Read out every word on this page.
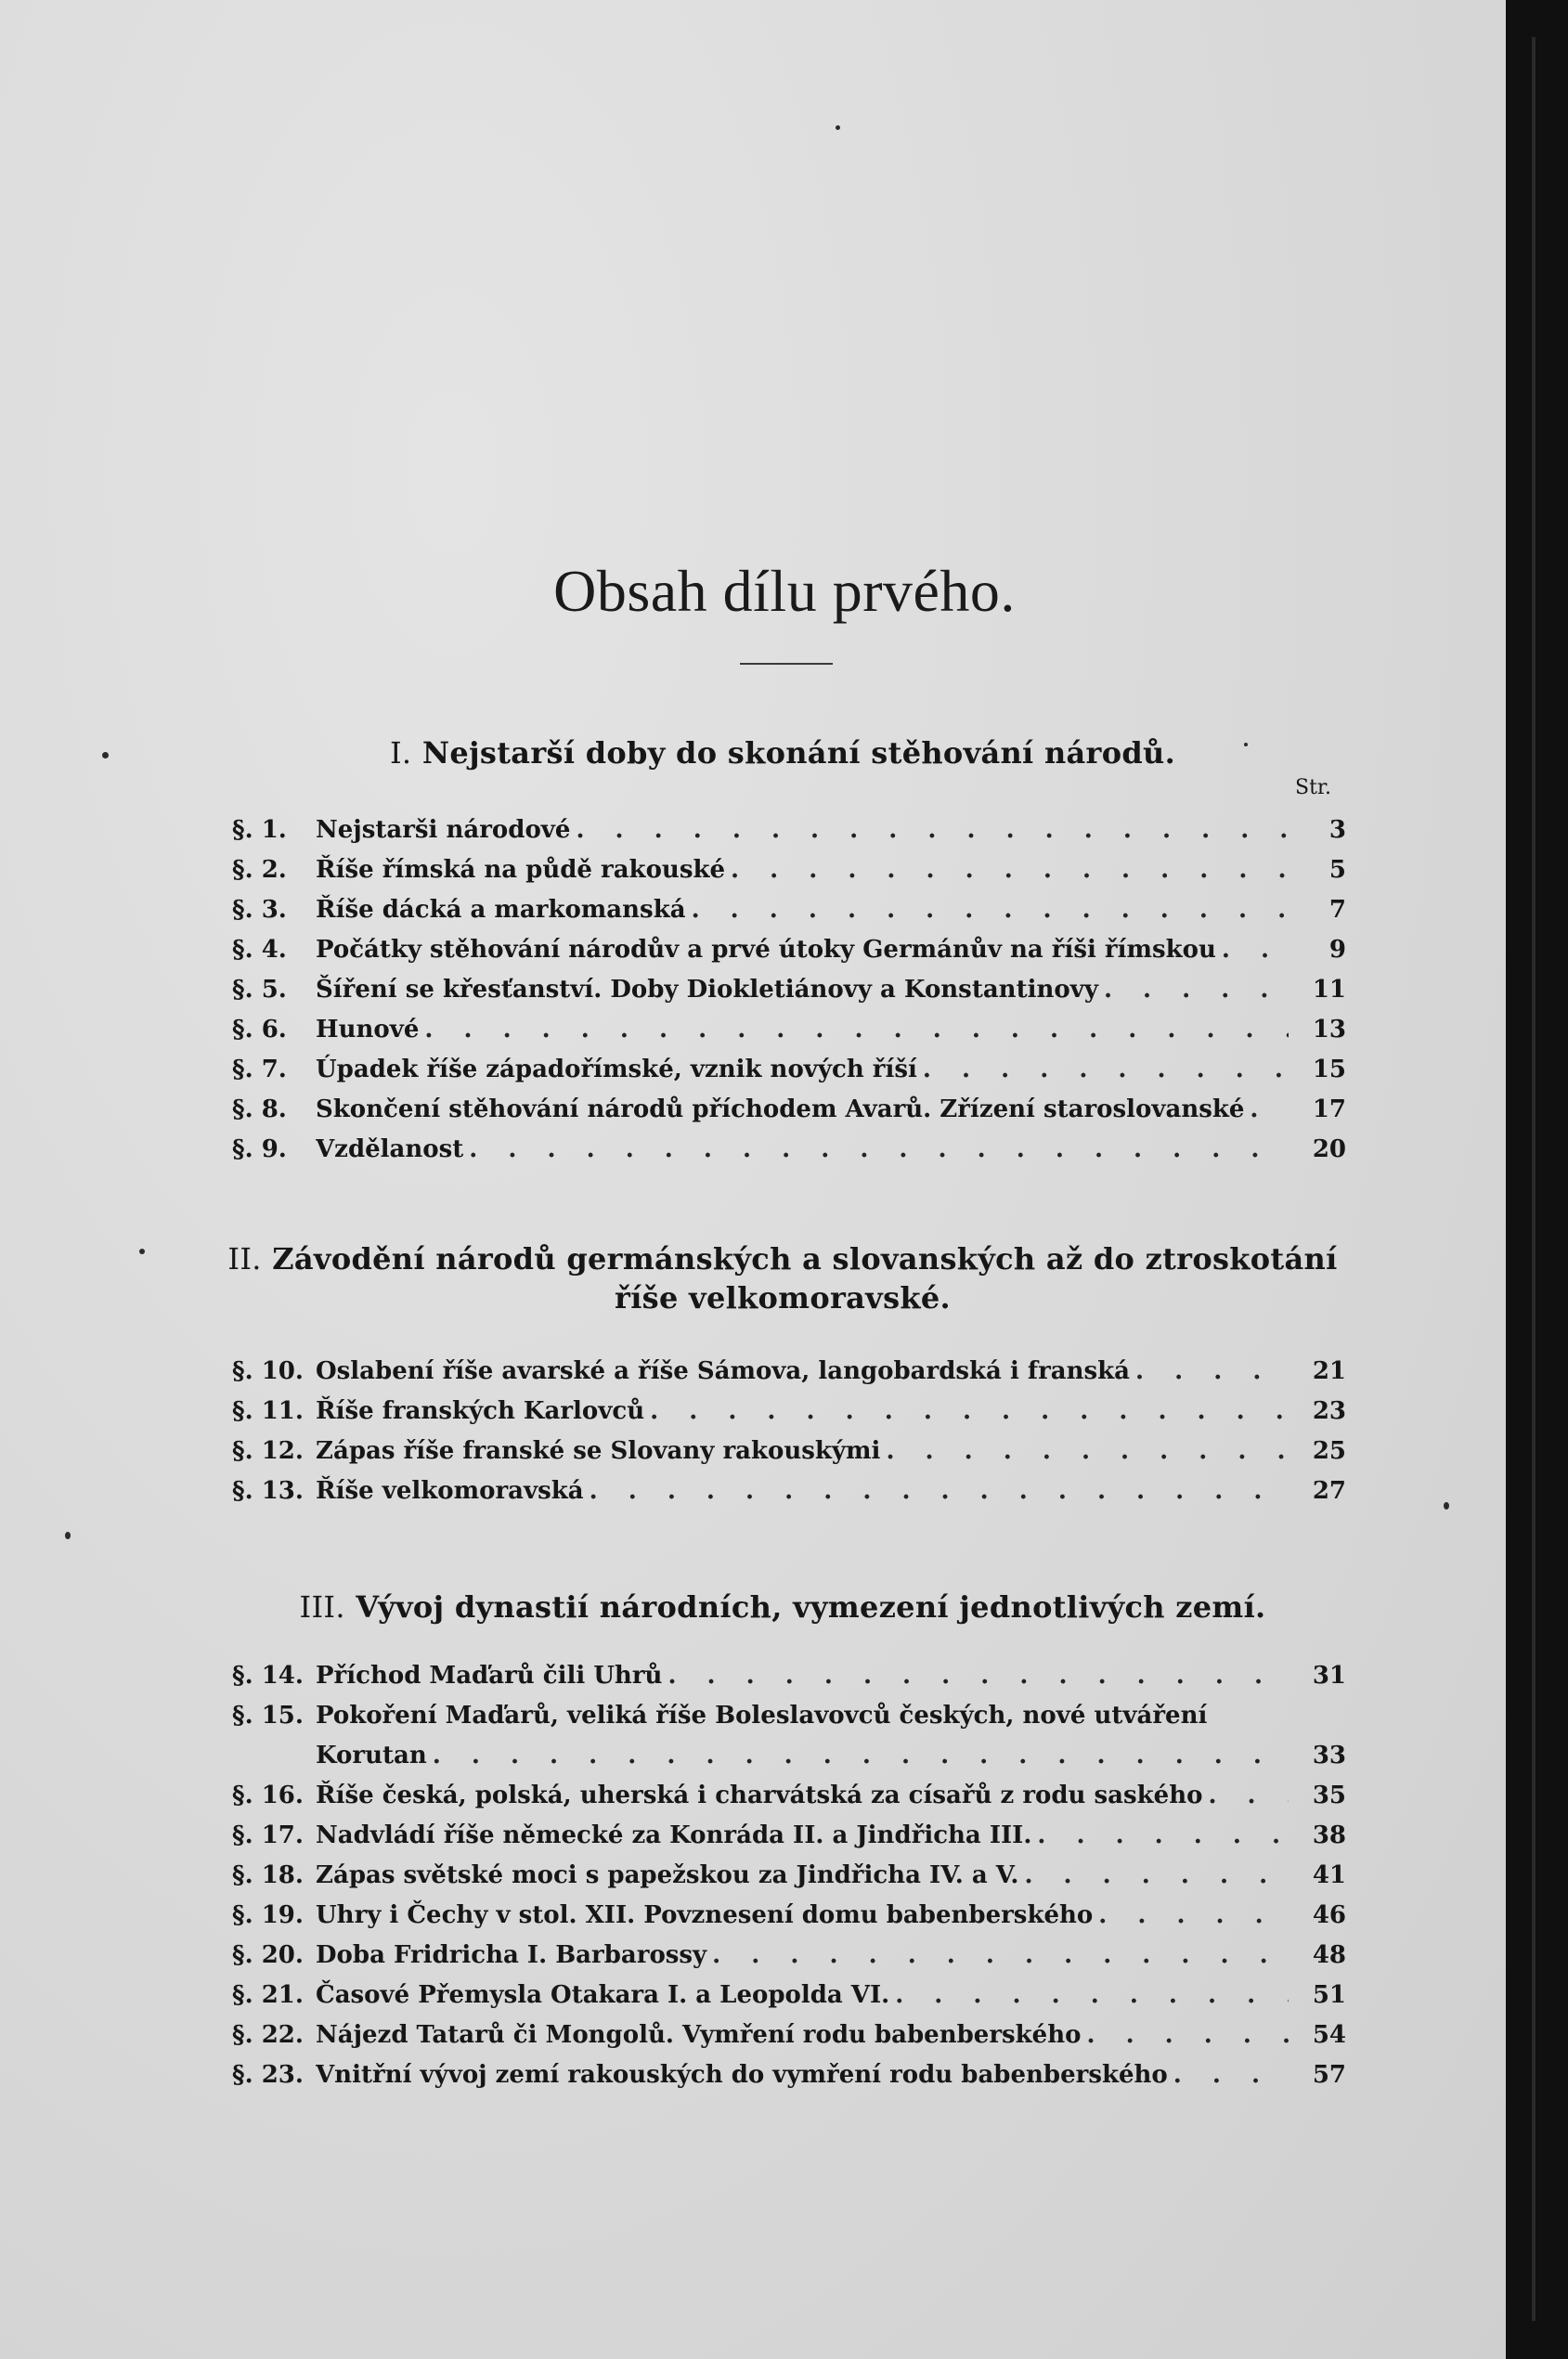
Obsah dílu prvého.
I. Nejstarší doby do skonání stěhování národů.
Str.
II. Závodění národů germánských a slovanských až do ztroskotání
říše velkomoravské.
III. Vývoj dynastií národních, vymezení jednotlivých zemí.
§. 1.	Nejstarši národové . . .	3
§. 2.	Říše římská na půdě rakouské . . .	5
§. 3.	Říše dácká a markomanská . . .	7
§. 4.	Počátky stěhování národův a prvé útoky Germánův na říši římskou . . .	9
§. 5.	Šíření se křesťanství. Doby Diokletiánovy a Konstantinovy . . .	11
§. 6.	Hunové . . .	13
§. 7.	Úpadek říše západořímské, vznik nových říší . . .	15
§. 8.	Skončení stěhování národů příchodem Avarů. Zřízení staroslovanské . . .	17
§. 9.	Vzdělanost . . .	20
§. 10. Oslabení říše avarské a říše Sámova, langobardská i franská . . .	21
§. 11. Říše franských Karlovců . . .	23
§. 12. Zápas říše franské se Slovany rakouskými . . .	25
§. 13. Říše velkomoravská . . .	27
§. 14. Příchod Maďarů čili Uhrů . . .	31
§. 15. Pokoření Maďarů, veliká říše Boleslavovců českých, nové utváření
Korutan . . .	33
§. 16. Říše česká, polská, uherská i charvátská za císařů z rodu saského . . .	35
§. 17. Nadvládí říše německé za Konráda II. a Jindřicha III. . . .	38
§. 18. Zápas světské moci s papežskou za Jindřicha IV. a V. . . .	41
§. 19. Uhry i Čechy v stol. XII. Povznesení domu babenberského . . .	46
§. 20. Doba Fridricha I. Barbarossy . . .	48
§. 21. Časové Přemysla Otakara I. a Leopolda VI. . . .	51
§. 22. Nájezd Tatarů či Mongolů. Vymření rodu babenberského . . .	54
§. 23. Vnitřní vývoj zemí rakouských do vymření rodu babenberského . . .	57
